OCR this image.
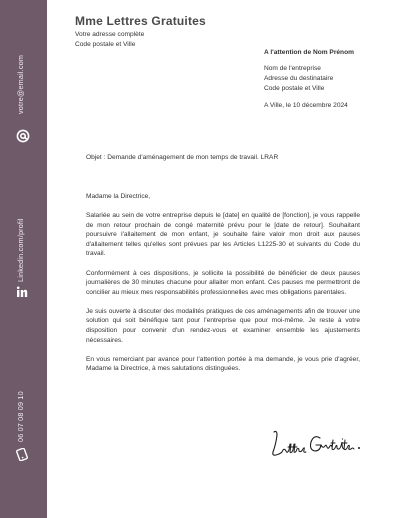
votre@email.com
Linkedin.com/profil
06 07 08 09 10
Mme Lettres Gratuites
Votre adresse complète
Code postale et Ville
A l'attention de Nom Prénom
Nom de l'entreprise
Adresse du destinataire
Code postale et Ville
A Ville, le 10 décembre 2024
Objet : Demande d'aménagement de mon temps de travail. LRAR

Madame la Directrice,

Salariée au sein de votre entreprise depuis le [date] en qualité de [fonction], je vous rappelle de mon retour prochain de congé maternité prévu pour le [date de retour]. Souhaitant poursuivre l'allaitement de mon enfant, je souhaite faire valoir mon droit aux pauses d'allaitement telles qu'elles sont prévues par les Articles L1225-30 et suivants du Code du travail.

Conformément à ces dispositions, je sollicite la possibilité de bénéficier de deux pauses journalières de 30 minutes chacune pour allaiter mon enfant. Ces pauses me permettront de concilier au mieux mes responsabilités professionnelles avec mes obligations parentales.

Je suis ouverte à discuter des modalités pratiques de ces aménagements afin de trouver une solution qui soit bénéfique tant pour l'entreprise que pour moi-même. Je reste à votre disposition pour convenir d'un rendez-vous et examiner ensemble les ajustements nécessaires.

En vous remerciant par avance pour l'attention portée à ma demande, je vous prie d'agréer, Madame la Directrice, à mes salutations distinguées.
